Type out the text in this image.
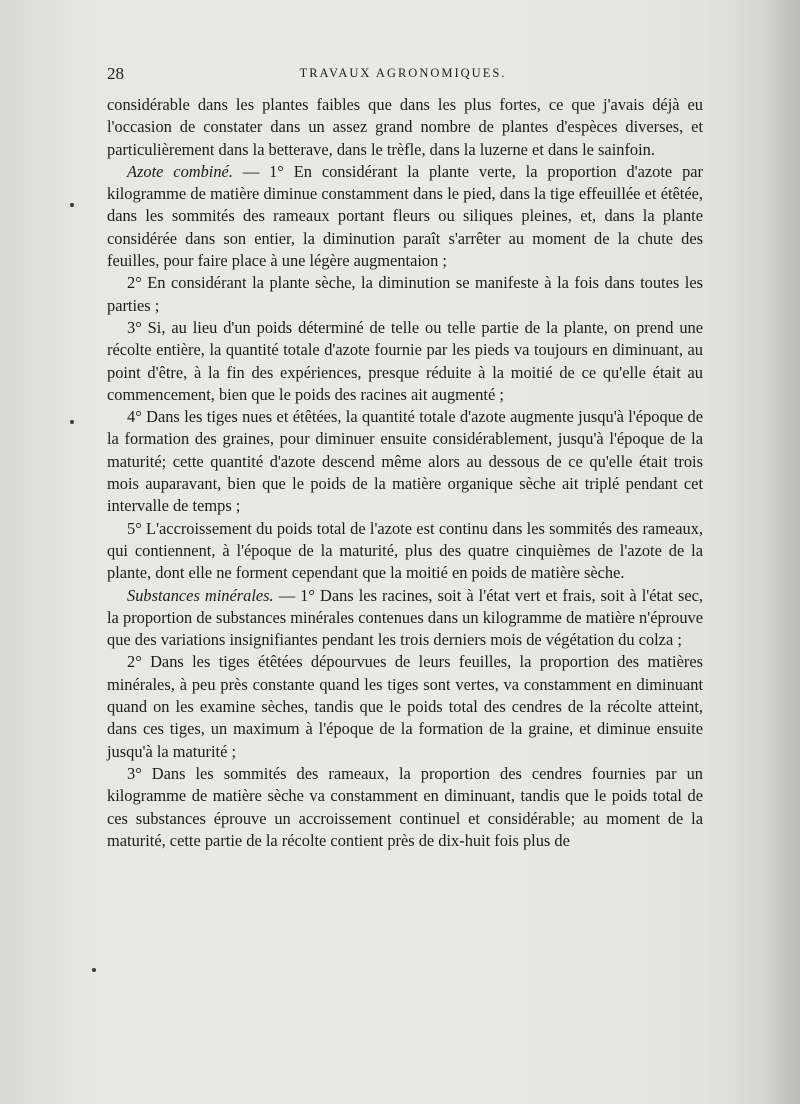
28	TRAVAUX AGRONOMIQUES.

considérable dans les plantes faibles que dans les plus fortes, ce que j'avais déjà eu l'occasion de constater dans un assez grand nombre de plantes d'espèces diverses, et particulièrement dans la betterave, dans le trèfle, dans la luzerne et dans le sainfoin.

Azote combiné. — 1° En considérant la plante verte, la proportion d'azote par kilogramme de matière diminue constamment dans le pied, dans la tige effeuillée et étêtée, dans les sommités des rameaux portant fleurs ou siliques pleines, et, dans la plante considérée dans son entier, la diminution paraît s'arrêter au moment de la chute des feuilles, pour faire place à une légère augmentaion ;

2° En considérant la plante sèche, la diminution se manifeste à la fois dans toutes les parties ;

3° Si, au lieu d'un poids déterminé de telle ou telle partie de la plante, on prend une récolte entière, la quantité totale d'azote fournie par les pieds va toujours en diminuant, au point d'être, à la fin des expériences, presque réduite à la moitié de ce qu'elle était au commencement, bien que le poids des racines ait augmenté ;

4° Dans les tiges nues et étêtées, la quantité totale d'azote augmente jusqu'à l'époque de la formation des graines, pour diminuer ensuite considérablement, jusqu'à l'époque de la maturité; cette quantité d'azote descend même alors au dessous de ce qu'elle était trois mois auparavant, bien que le poids de la matière organique sèche ait triplé pendant cet intervalle de temps ;

5° L'accroissement du poids total de l'azote est continu dans les sommités des rameaux, qui contiennent, à l'époque de la maturité, plus des quatre cinquièmes de l'azote de la plante, dont elle ne forment cependant que la moitié en poids de matière sèche.

Substances minérales. — 1° Dans les racines, soit à l'état vert et frais, soit à l'état sec, la proportion de substances minérales contenues dans un kilogramme de matière n'éprouve que des variations insignifiantes pendant les trois derniers mois de végétation du colza ;

2° Dans les tiges étêtées dépourvues de leurs feuilles, la proportion des matières minérales, à peu près constante quand les tiges sont vertes, va constamment en diminuant quand on les examine sèches, tandis que le poids total des cendres de la récolte atteint, dans ces tiges, un maximum à l'époque de la formation de la graine, et diminue ensuite jusqu'à la maturité ;

3° Dans les sommités des rameaux, la proportion des cendres fournies par un kilogramme de matière sèche va constamment en diminuant, tandis que le poids total de ces substances éprouve un accroissement continuel et considérable; au moment de la maturité, cette partie de la récolte contient près de dix-huit fois plus de
